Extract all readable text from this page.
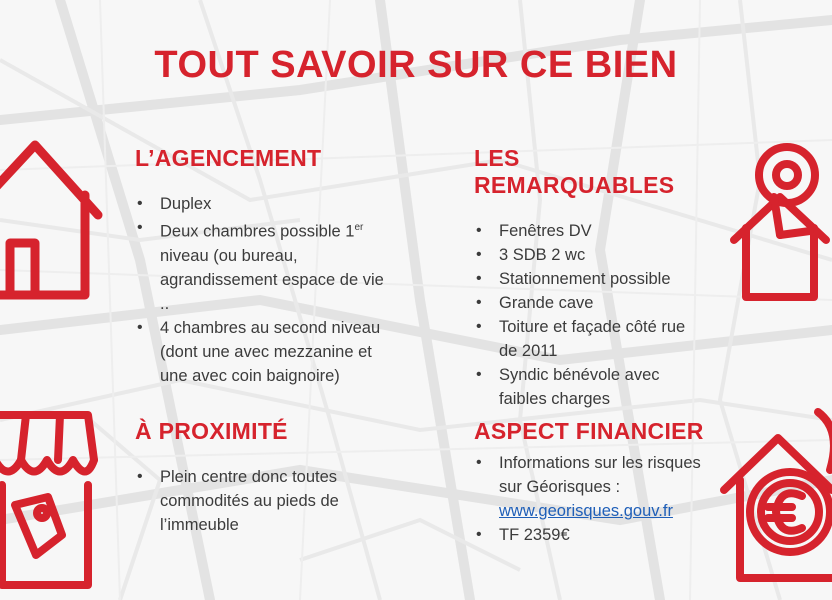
TOUT SAVOIR SUR CE BIEN
L’AGENCEMENT
• Duplex
• Deux chambres possible 1er niveau (ou bureau, agrandissement espace de vie ..
• 4 chambres au second niveau (dont une avec mezzanine et une avec coin baignoire)
LES REMARQUABLES
• Fenêtres DV
• 3 SDB 2 wc
• Stationnement possible
• Grande cave
• Toiture et façade côté rue de 2011
• Syndic bénévole avec faibles charges
À PROXIMITÉ
• Plein centre donc toutes commodités au pieds de l’immeuble
ASPECT FINANCIER
• Informations sur les risques sur Géorisques :
www.georisques.gouv.fr
• TF 2359€
